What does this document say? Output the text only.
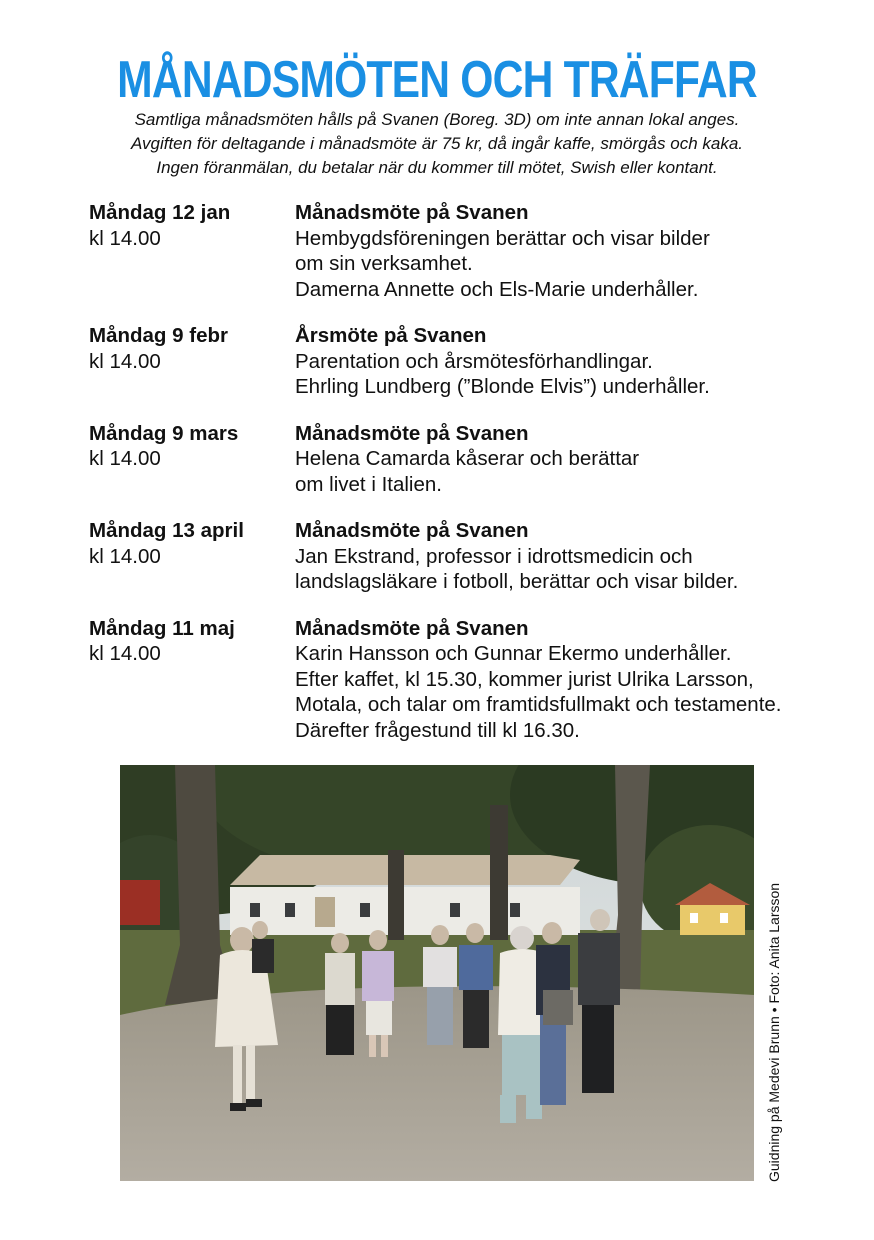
MÅNADSMÖTEN OCH TRÄFFAR
Samtliga månadsmöten hålls på Svanen (Boreg. 3D) om inte annan lokal anges.
Avgiften för deltagande i månadsmöte är 75 kr, då ingår kaffe, smörgås och kaka.
Ingen föranmälan, du betalar när du kommer till mötet, Swish eller kontant.
Måndag 12 jan
kl 14.00
Månadsmöte på Svanen
Hembygdsföreningen berättar och visar bilder
om sin verksamhet.
Damerna Annette och Els-Marie underhåller.
Måndag 9 febr
kl 14.00
Årsmöte på Svanen
Parentation och årsmötesförhandlingar.
Ehrling Lundberg (”Blonde Elvis”) underhåller.
Måndag 9 mars
kl 14.00
Månadsmöte på Svanen
Helena Camarda kåserar och berättar
om livet i Italien.
Måndag 13 april
kl 14.00
Månadsmöte på Svanen
Jan Ekstrand, professor i idrottsmedicin och
landslagsläkare i fotboll, berättar och visar bilder.
Måndag 11 maj
kl 14.00
Månadsmöte på Svanen
Karin Hansson och Gunnar Ekermo underhåller.
Efter kaffet, kl 15.30, kommer jurist Ulrika Larsson,
Motala, och talar om framtidsfullmakt och testamente.
Därefter frågestund till kl 16.30.
Guidning på Medevi Brunn • Foto: Anita Larsson
